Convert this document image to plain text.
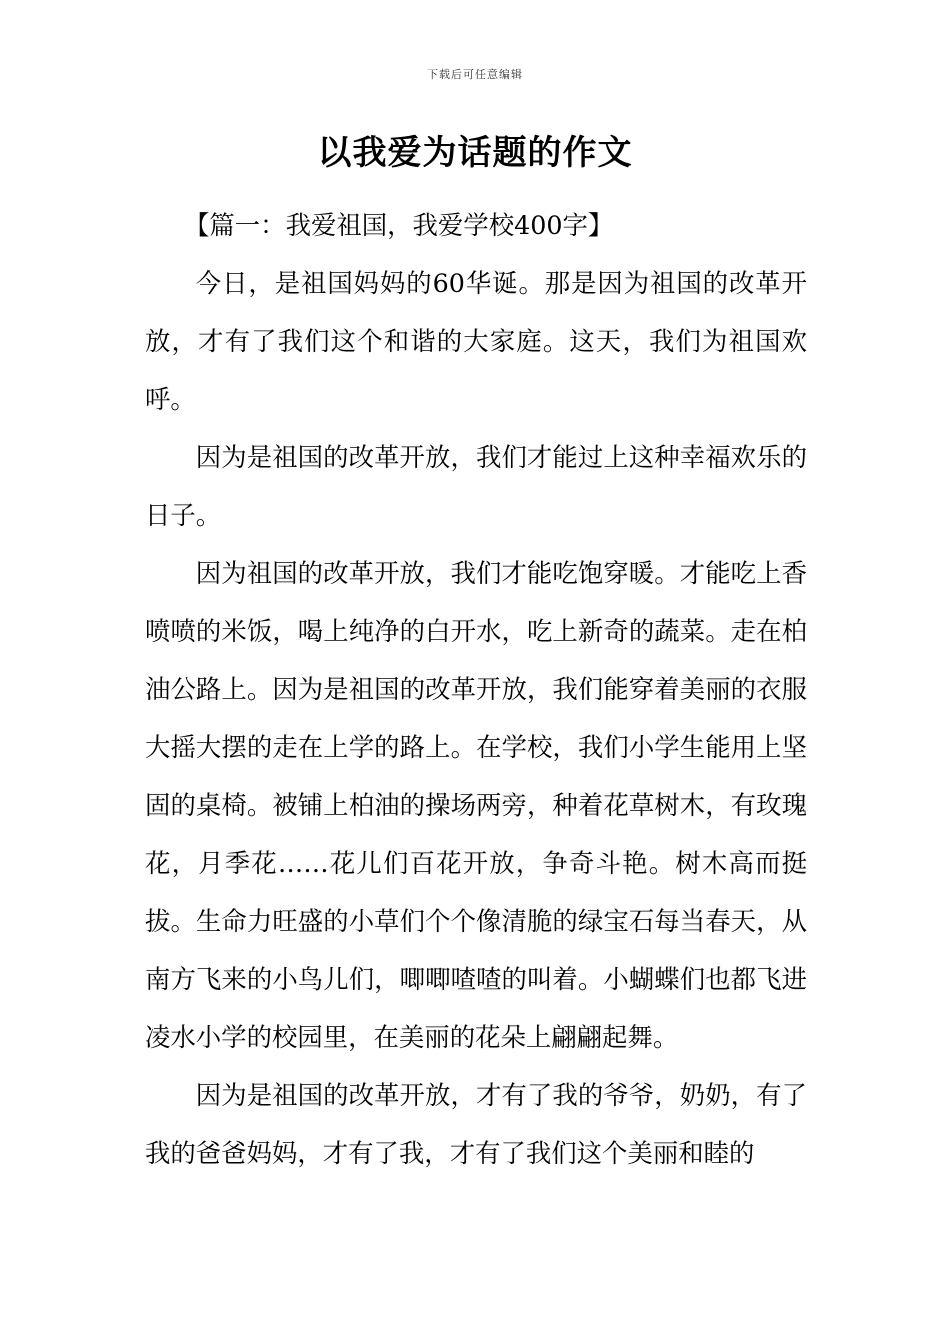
下载后可任意编辑
以我爱为话题的作文

【篇一：我爱祖国，我爱学校400字】

今日，是祖国妈妈的60华诞。那是因为祖国的改革开放，才有了我们这个和谐的大家庭。这天，我们为祖国欢呼。

因为是祖国的改革开放，我们才能过上这种幸福欢乐的日子。

因为祖国的改革开放，我们才能吃饱穿暖。才能吃上香喷喷的米饭，喝上纯净的白开水，吃上新奇的蔬菜。走在柏油公路上。因为是祖国的改革开放，我们能穿着美丽的衣服大摇大摆的走在上学的路上。在学校，我们小学生能用上坚固的桌椅。被铺上柏油的操场两旁，种着花草树木，有玫瑰花，月季花……花儿们百花开放，争奇斗艳。树木高而挺拔。生命力旺盛的小草们个个像清脆的绿宝石每当春天，从南方飞来的小鸟儿们，唧唧喳喳的叫着。小蝴蝶们也都飞进凌水小学的校园里，在美丽的花朵上翩翩起舞。

因为是祖国的改革开放，才有了我的爷爷，奶奶，有了我的爸爸妈妈，才有了我，才有了我们这个美丽和睦的
